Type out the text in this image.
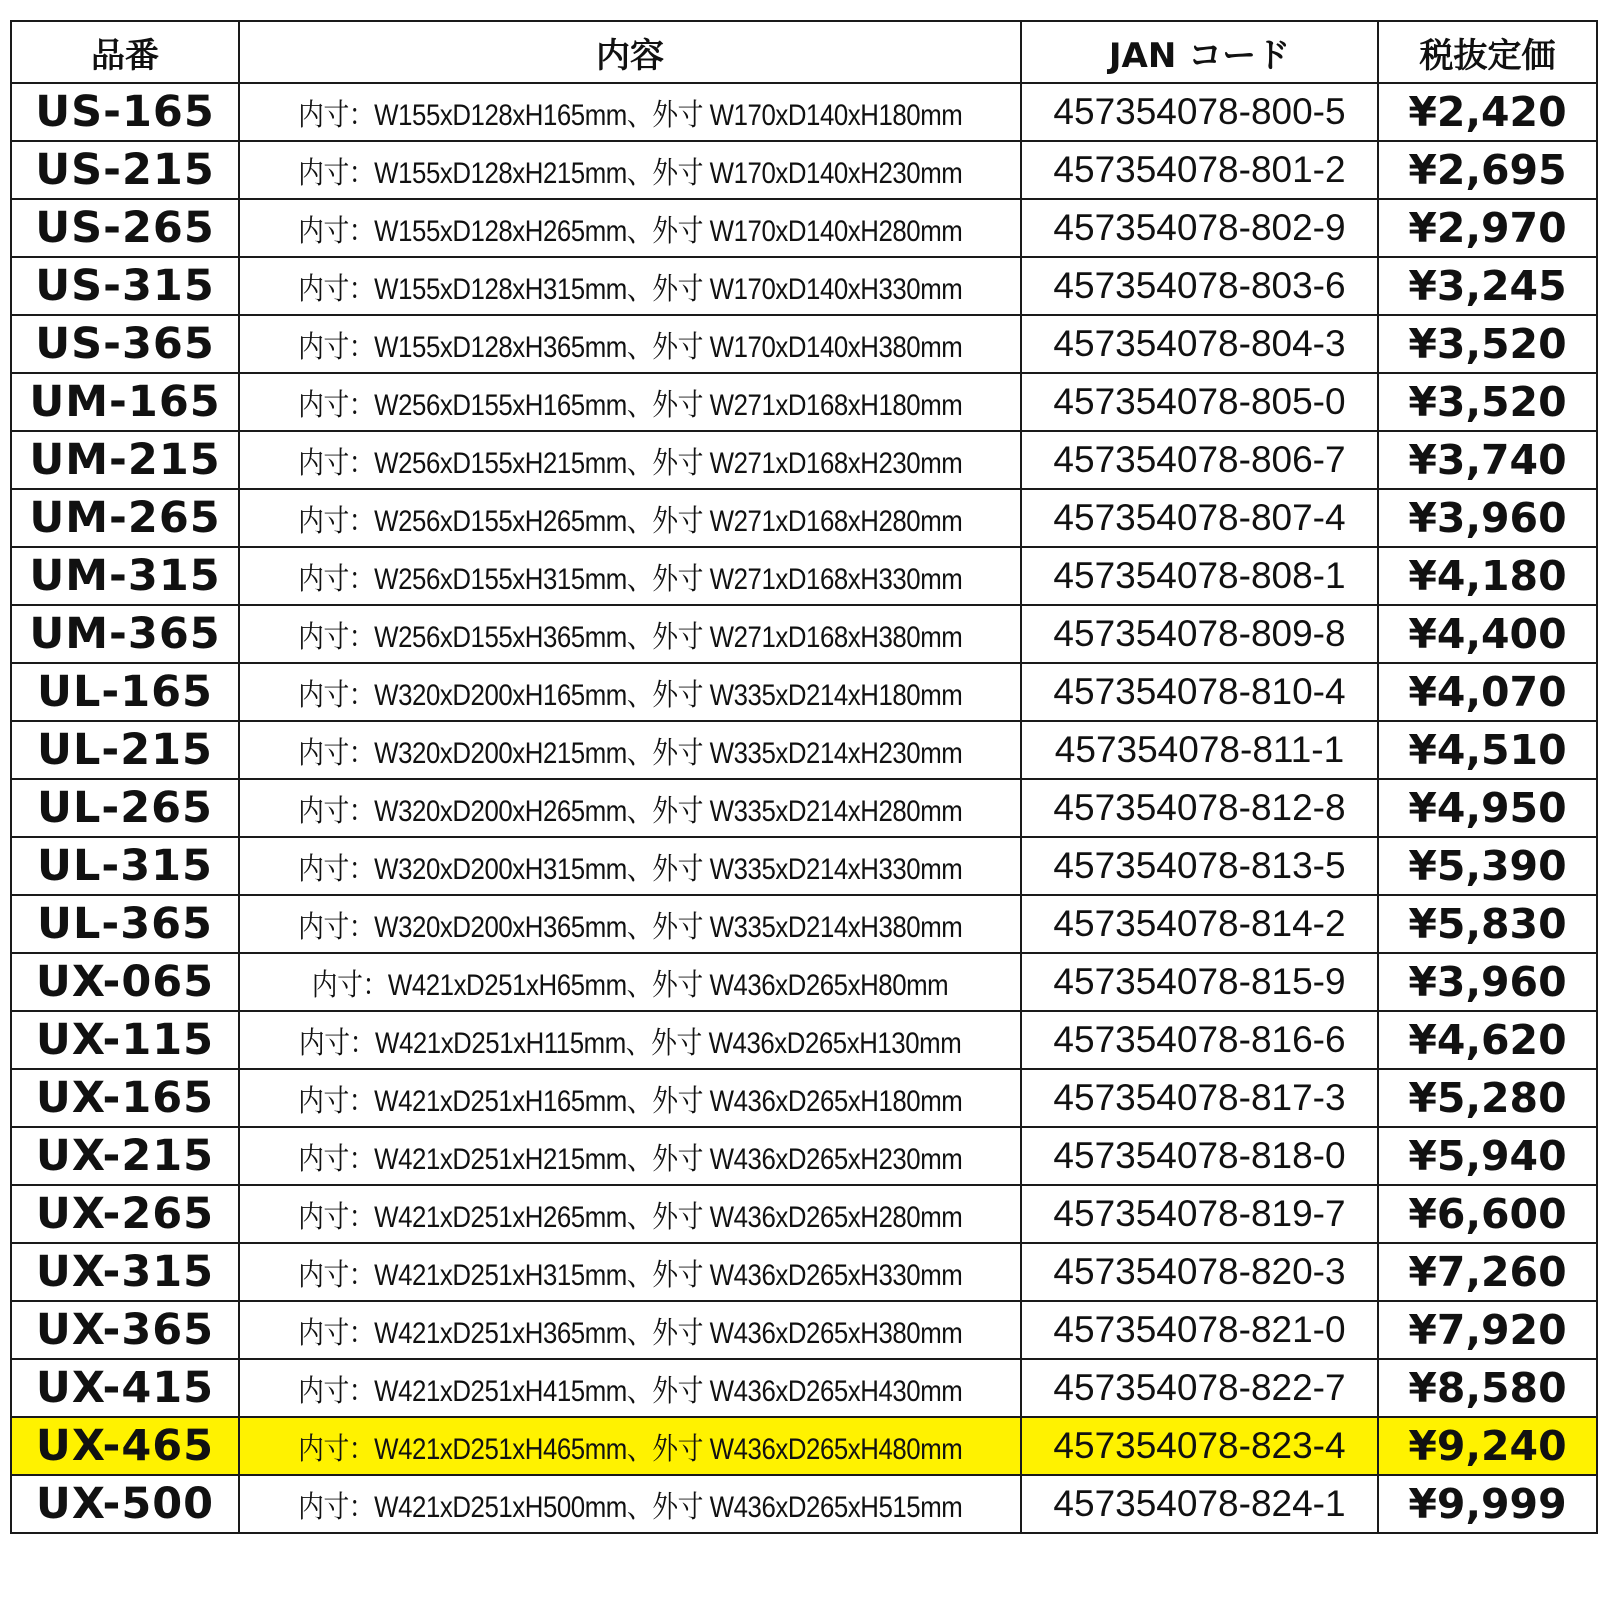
品番	内容	JAN コード	税抜定価
US-165	内寸：W155xD128xH165mm、外寸 W170xD140xH180mm	457354078-800-5	¥2,420
US-215	内寸：W155xD128xH215mm、外寸 W170xD140xH230mm	457354078-801-2	¥2,695
US-265	内寸：W155xD128xH265mm、外寸 W170xD140xH280mm	457354078-802-9	¥2,970
US-315	内寸：W155xD128xH315mm、外寸 W170xD140xH330mm	457354078-803-6	¥3,245
US-365	内寸：W155xD128xH365mm、外寸 W170xD140xH380mm	457354078-804-3	¥3,520
UM-165	内寸：W256xD155xH165mm、外寸 W271xD168xH180mm	457354078-805-0	¥3,520
UM-215	内寸：W256xD155xH215mm、外寸 W271xD168xH230mm	457354078-806-7	¥3,740
UM-265	内寸：W256xD155xH265mm、外寸 W271xD168xH280mm	457354078-807-4	¥3,960
UM-315	内寸：W256xD155xH315mm、外寸 W271xD168xH330mm	457354078-808-1	¥4,180
UM-365	内寸：W256xD155xH365mm、外寸 W271xD168xH380mm	457354078-809-8	¥4,400
UL-165	内寸：W320xD200xH165mm、外寸 W335xD214xH180mm	457354078-810-4	¥4,070
UL-215	内寸：W320xD200xH215mm、外寸 W335xD214xH230mm	457354078-811-1	¥4,510
UL-265	内寸：W320xD200xH265mm、外寸 W335xD214xH280mm	457354078-812-8	¥4,950
UL-315	内寸：W320xD200xH315mm、外寸 W335xD214xH330mm	457354078-813-5	¥5,390
UL-365	内寸：W320xD200xH365mm、外寸 W335xD214xH380mm	457354078-814-2	¥5,830
UX-065	内寸：W421xD251xH65mm、外寸 W436xD265xH80mm	457354078-815-9	¥3,960
UX-115	内寸：W421xD251xH115mm、外寸 W436xD265xH130mm	457354078-816-6	¥4,620
UX-165	内寸：W421xD251xH165mm、外寸 W436xD265xH180mm	457354078-817-3	¥5,280
UX-215	内寸：W421xD251xH215mm、外寸 W436xD265xH230mm	457354078-818-0	¥5,940
UX-265	内寸：W421xD251xH265mm、外寸 W436xD265xH280mm	457354078-819-7	¥6,600
UX-315	内寸：W421xD251xH315mm、外寸 W436xD265xH330mm	457354078-820-3	¥7,260
UX-365	内寸：W421xD251xH365mm、外寸 W436xD265xH380mm	457354078-821-0	¥7,920
UX-415	内寸：W421xD251xH415mm、外寸 W436xD265xH430mm	457354078-822-7	¥8,580
UX-465	内寸：W421xD251xH465mm、外寸 W436xD265xH480mm	457354078-823-4	¥9,240
UX-500	内寸：W421xD251xH500mm、外寸 W436xD265xH515mm	457354078-824-1	¥9,999
